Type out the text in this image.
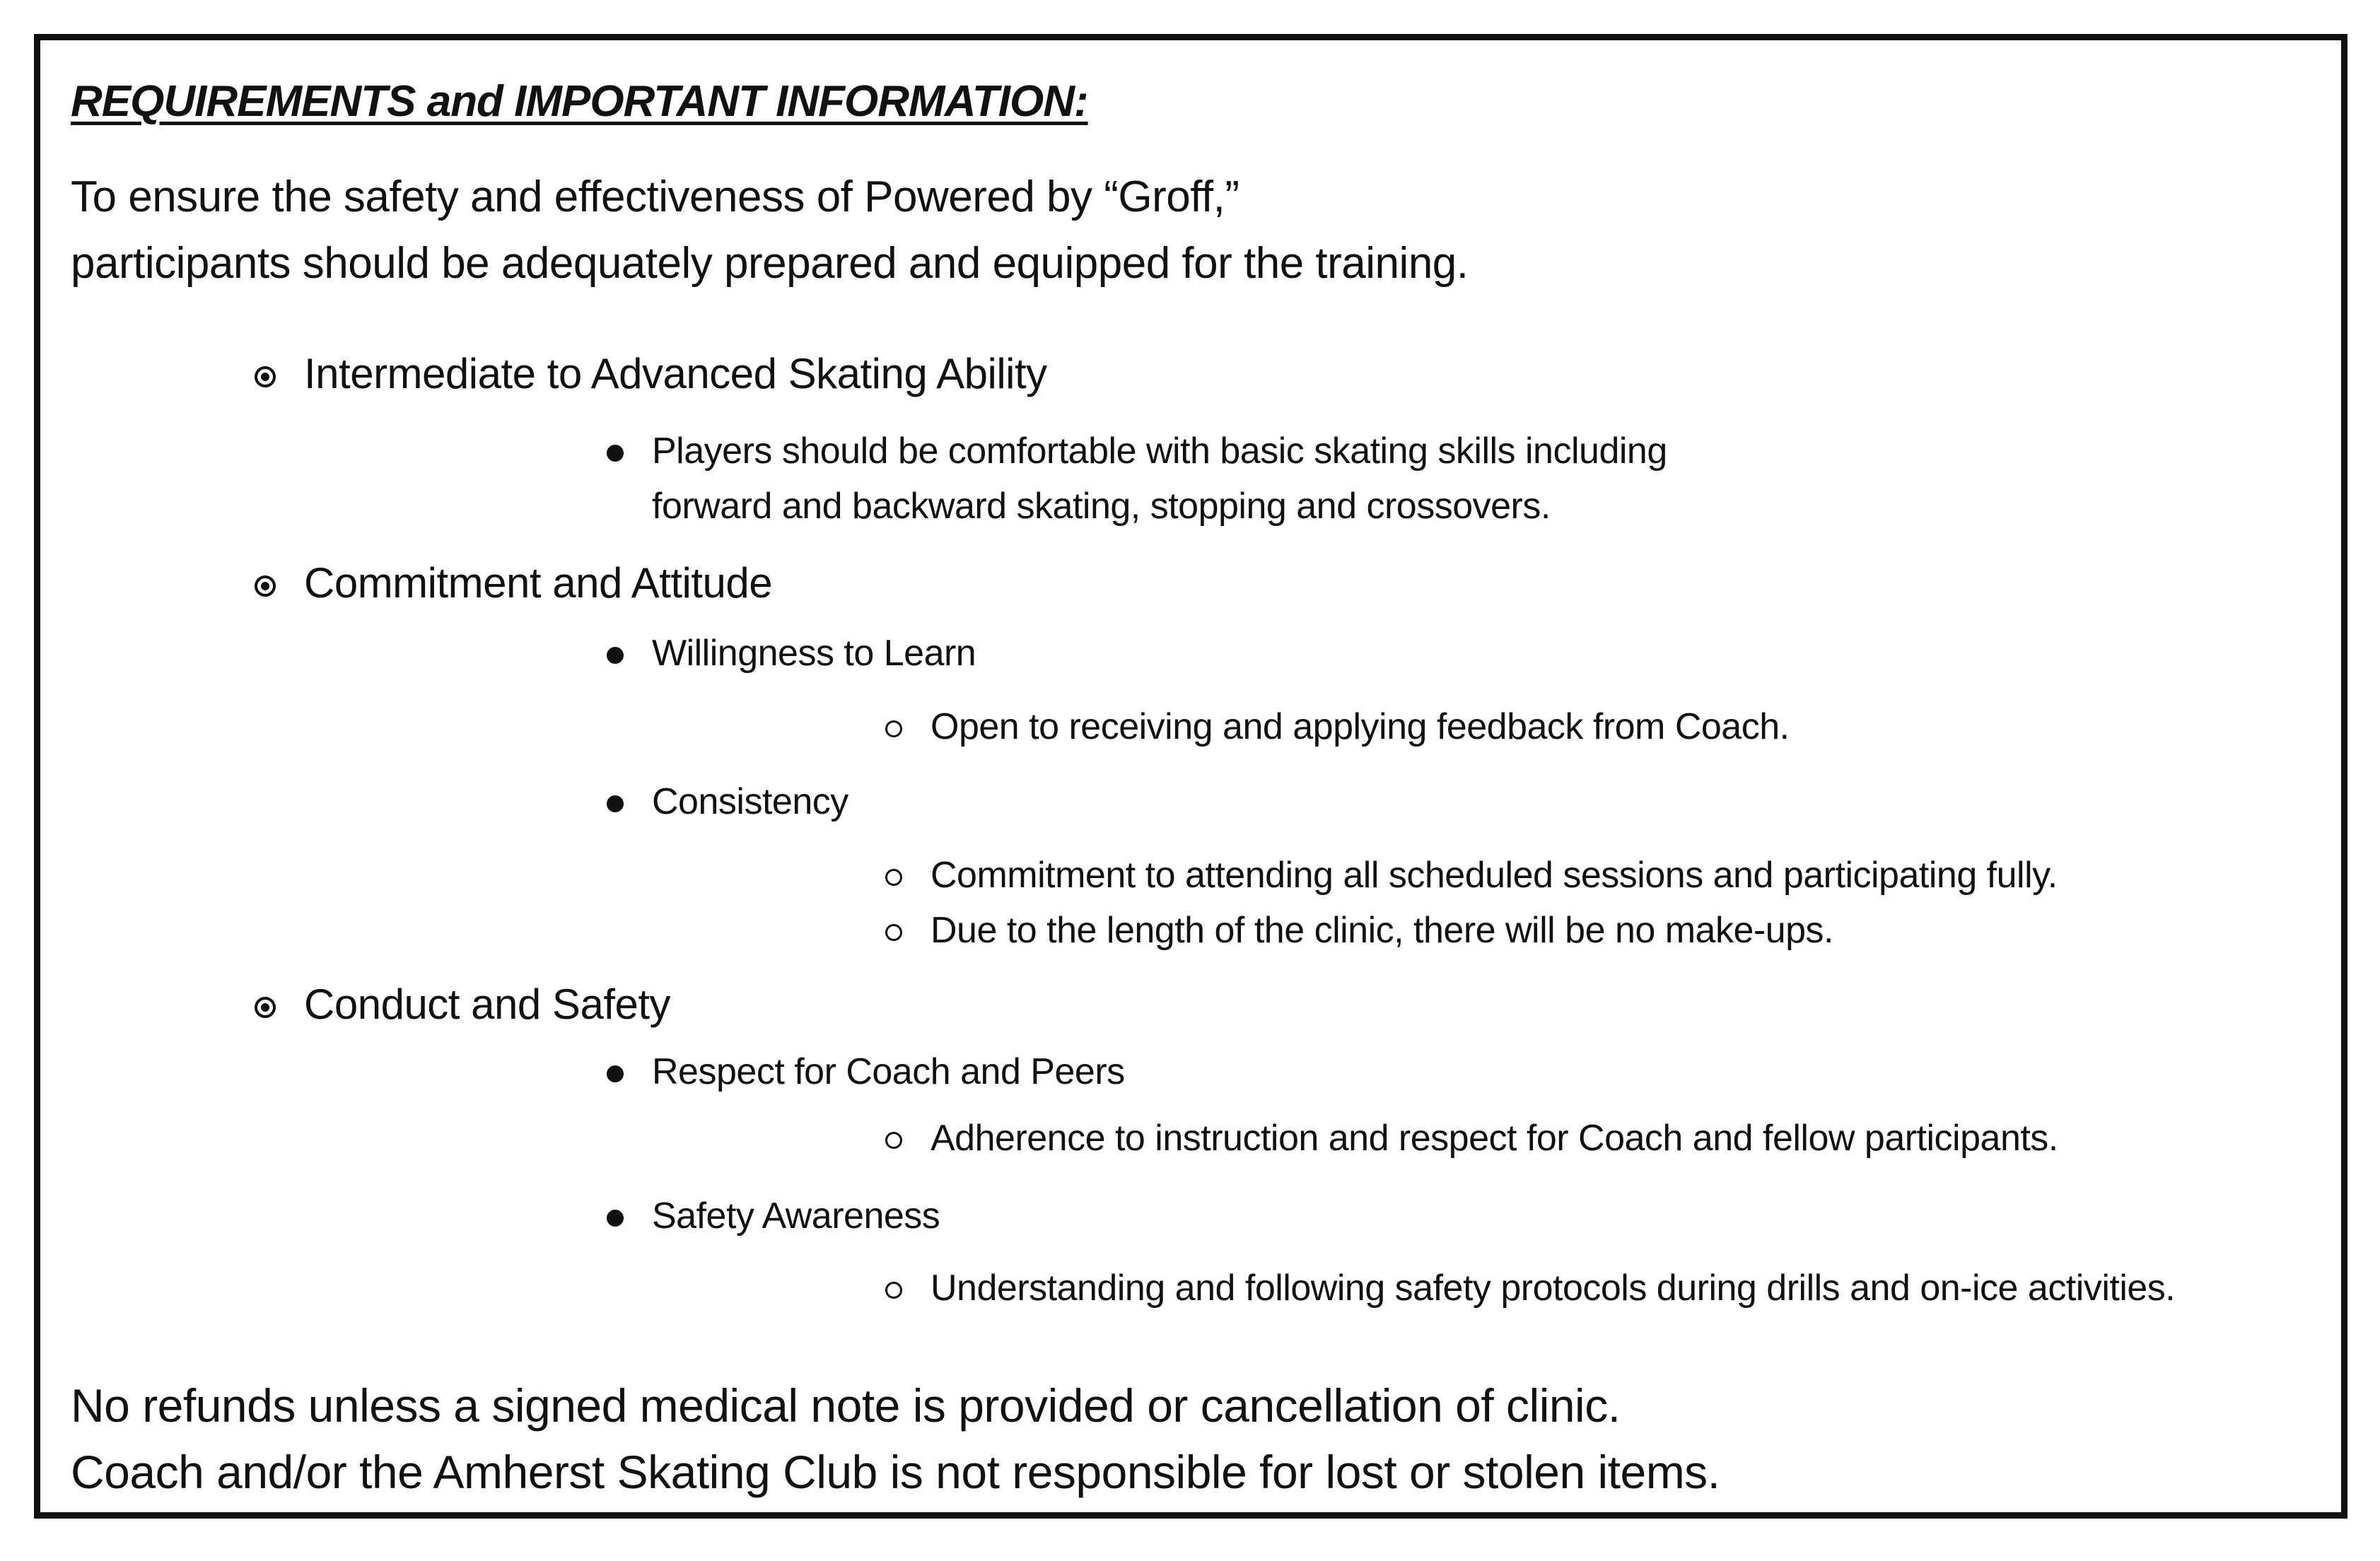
REQUIREMENTS and IMPORTANT INFORMATION:
To ensure the safety and effectiveness of Powered by “Groff,”
participants should be adequately prepared and equipped for the training.
Intermediate to Advanced Skating Ability
Players should be comfortable with basic skating skills including
forward and backward skating, stopping and crossovers.
Commitment and Attitude
Willingness to Learn
Open to receiving and applying feedback from Coach.
Consistency
Commitment to attending all scheduled sessions and participating fully.
Due to the length of the clinic, there will be no make-ups.
Conduct and Safety
Respect for Coach and Peers
Adherence to instruction and respect for Coach and fellow participants.
Safety Awareness
Understanding and following safety protocols during drills and on-ice activities.
No refunds unless a signed medical note is provided or cancellation of clinic.
Coach and/or the Amherst Skating Club is not responsible for lost or stolen items.
